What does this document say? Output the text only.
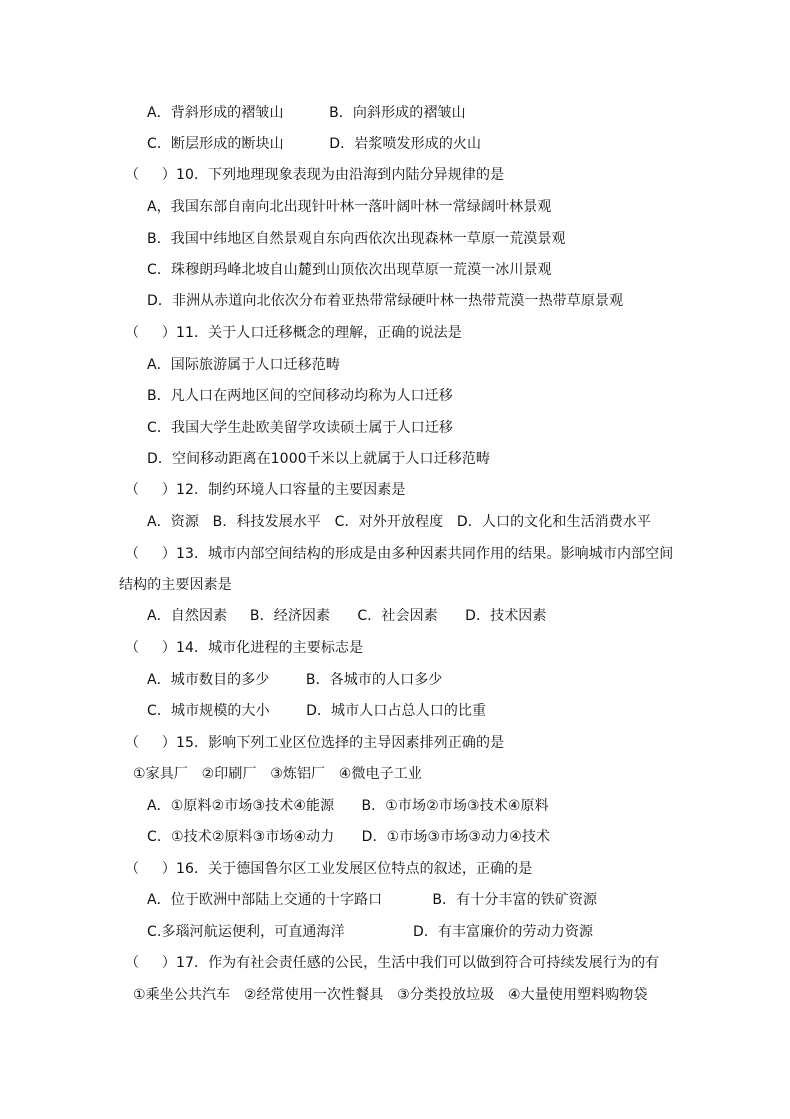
A．背斜形成的褶皱山          B．向斜形成的褶皱山
C．断层形成的断块山          D．岩浆喷发形成的火山
（     ）10．下列地理现象表现为由沿海到内陆分异规律的是
A，我国东部自南向北出现针叶林一落叶阔叶林一常绿阔叶林景观
B．我国中纬地区自然景观自东向西依次出现森林一草原一荒漠景观
C．珠穆朗玛峰北坡自山麓到山顶依次出现草原一荒漠一冰川景观
D．非洲从赤道向北依次分布着亚热带常绿硬叶林一热带荒漠一热带草原景观
（     ）11．关于人口迁移概念的理解，正确的说法是
A．国际旅游属于人口迁移范畴
B．凡人口在两地区间的空间移动均称为人口迁移
C．我国大学生赴欧美留学攻读硕士属于人口迁移
D．空间移动距离在1000千米以上就属于人口迁移范畴
（     ）12．制约环境人口容量的主要因素是
A．资源   B．科技发展水平   C．对外开放程度   D．人口的文化和生活消费水平
（     ）13．城市内部空间结构的形成是由多种因素共同作用的结果。影响城市内部空间
结构的主要因素是
A．自然因素     B．经济因素      C．社会因素      D．技术因素
（     ）14．城市化进程的主要标志是
A．城市数目的多少        B．各城市的人口多少
C．城市规模的大小        D．城市人口占总人口的比重
（     ）15．影响下列工业区位选择的主导因素排列正确的是
①家具厂   ②印刷厂   ③炼铝厂   ④微电子工业
A．①原料②市场③技术④能源      B．①市场②市场③技术④原料
C．①技术②原料③市场④动力      D．①市场③市场③动力④技术
（     ）16．关于德国鲁尔区工业发展区位特点的叙述，正确的是
A．位于欧洲中部陆上交通的十字路口           B．有十分丰富的铁矿资源
C.多瑙河航运便利，可直通海洋               D．有丰富廉价的劳动力资源
（     ）17．作为有社会责任感的公民，生活中我们可以做到符合可持续发展行为的有
①乘坐公共汽车   ②经常使用一次性餐具   ③分类投放垃圾   ④大量使用塑料购物袋
